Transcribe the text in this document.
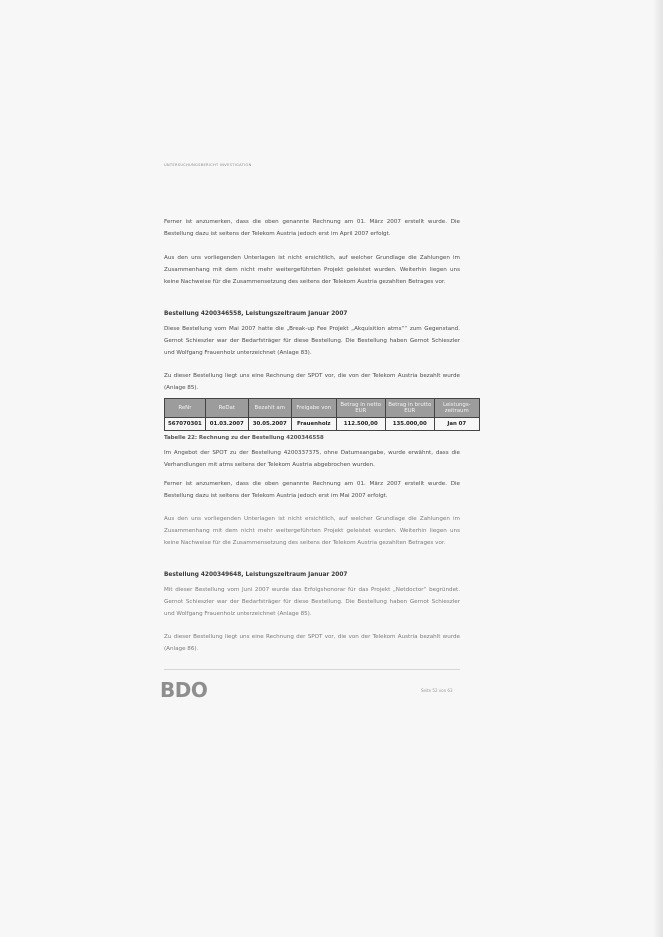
UNTERSUCHUNGSBERICHT INVESTIGATION

Ferner ist anzumerken, dass die oben genannte Rechnung am 01. März 2007 erstellt wurde. Die Bestellung dazu ist seitens der Telekom Austria jedoch erst im April 2007 erfolgt.

Aus den uns vorliegenden Unterlagen ist nicht ersichtlich, auf welcher Grundlage die Zahlungen im Zusammenhang mit dem nicht mehr weitergeführten Projekt geleistet wurden. Weiterhin liegen uns keine Nachweise für die Zusammensetzung des seitens der Telekom Austria gezahlten Betrages vor.

Bestellung 4200346558, Leistungszeitraum Januar 2007

Diese Bestellung vom Mai 2007 hatte die „Break-up Fee Projekt „Akquisition atms““ zum Gegenstand. Gernot Schieszler war der Bedarfsträger für diese Bestellung. Die Bestellung haben Gernot Schieszler und Wolfgang Frauenholz unterzeichnet (Anlage 83).

Zu dieser Bestellung liegt uns eine Rechnung der SPOT vor, die von der Telekom Austria bezahlt wurde (Anlage 85).

ReNr	ReDat	Bezahlt am	Freigabe von	Betrag in netto EUR	Betrag in brutto EUR	Leistungs-zeitraum
567070301	01.03.2007	30.05.2007	Frauenholz	112.500,00	135.000,00	Jan 07
Tabelle 22: Rechnung zu der Bestellung 4200346558

Im Angebot der SPOT zu der Bestellung 4200337375, ohne Datumsangabe, wurde erwähnt, dass die Verhandlungen mit atms seitens der Telekom Austria abgebrochen wurden.

Ferner ist anzumerken, dass die oben genannte Rechnung am 01. März 2007 erstellt wurde. Die Bestellung dazu ist seitens der Telekom Austria jedoch erst im Mai 2007 erfolgt.

Aus den uns vorliegenden Unterlagen ist nicht ersichtlich, auf welcher Grundlage die Zahlungen im Zusammenhang mit dem nicht mehr weitergeführten Projekt geleistet wurden. Weiterhin liegen uns keine Nachweise für die Zusammensetzung des seitens der Telekom Austria gezahlten Betrages vor.

Bestellung 4200349648, Leistungszeitraum Januar 2007

Mit dieser Bestellung vom Juni 2007 wurde das Erfolgshonorar für das Projekt „Netdoctor“ begründet. Gernot Schieszler war der Bedarfsträger für diese Bestellung. Die Bestellung haben Gernot Schieszler und Wolfgang Frauenholz unterzeichnet (Anlage 85).

Zu dieser Bestellung liegt uns eine Rechnung der SPOT vor, die von der Telekom Austria bezahlt wurde (Anlage 86).

BDO	Seite 52 von 63
